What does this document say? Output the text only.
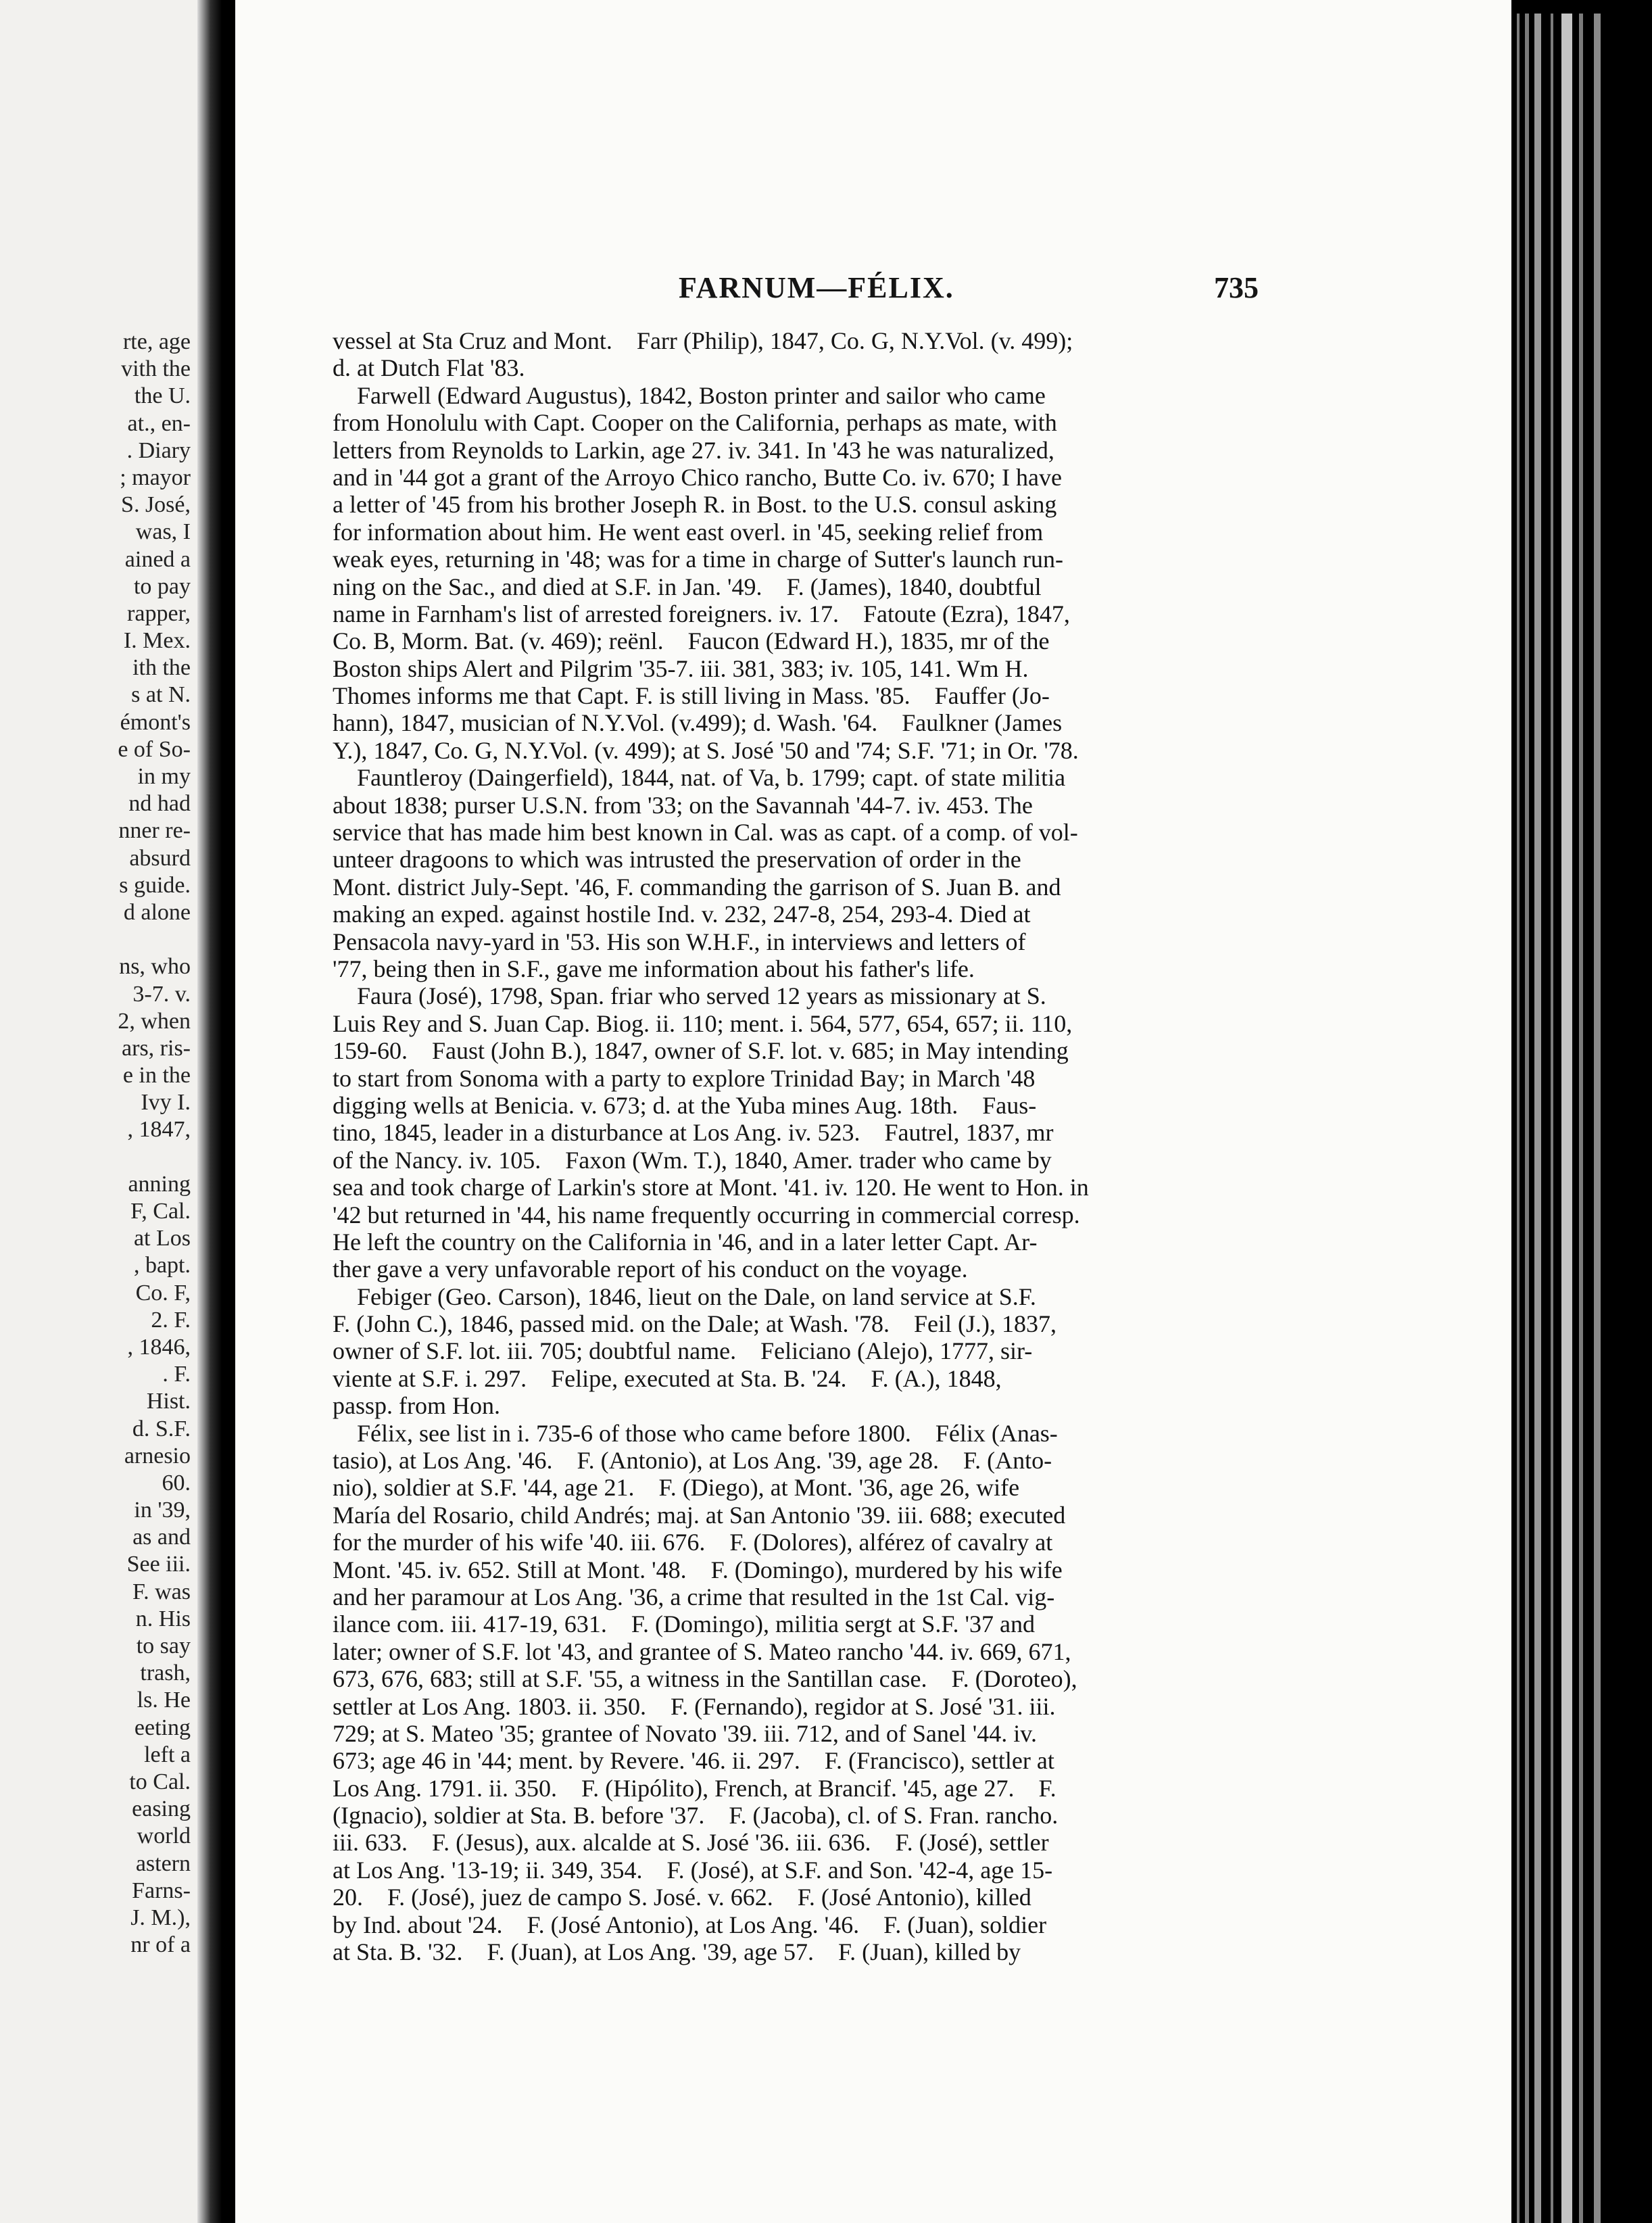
rte, age
vith the
the U.
at., en-
. Diary
; mayor
S. José,
was, I
ained a
to pay
rapper,
I. Mex.
ith the
s at N.
émont's
e of So-
in my
nd had
nner re-
absurd
s guide.
d alone
ns, who
3-7. v.
2, when
ars, ris-
e in the
Ivy I.
, 1847,
anning
F, Cal.
at Los
, bapt.
Co. F,
2. F.
, 1846,
. F.
Hist.
d. S.F.
arnesio
60.
in '39,
as and
See iii.
F. was
n. His
to say
trash,
ls. He
eeting
left a
to Cal.
easing
world
astern
Farns-
J. M.),
nr of a
FARNUM—FÉLIX.	735
vessel at Sta Cruz and Mont.    Farr (Philip), 1847, Co. G, N.Y.Vol. (v. 499);
d. at Dutch Flat '83.
Farwell (Edward Augustus), 1842, Boston printer and sailor who came
from Honolulu with Capt. Cooper on the California, perhaps as mate, with
letters from Reynolds to Larkin, age 27. iv. 341. In '43 he was naturalized,
and in '44 got a grant of the Arroyo Chico rancho, Butte Co. iv. 670; I have
a letter of '45 from his brother Joseph R. in Bost. to the U.S. consul asking
for information about him. He went east overl. in '45, seeking relief from
weak eyes, returning in '48; was for a time in charge of Sutter's launch run-
ning on the Sac., and died at S.F. in Jan. '49.    F. (James), 1840, doubtful
name in Farnham's list of arrested foreigners. iv. 17.    Fatoute (Ezra), 1847,
Co. B, Morm. Bat. (v. 469); reënl.    Faucon (Edward H.), 1835, mr of the
Boston ships Alert and Pilgrim '35-7. iii. 381, 383; iv. 105, 141. Wm H.
Thomes informs me that Capt. F. is still living in Mass. '85.    Fauffer (Jo-
hann), 1847, musician of N.Y.Vol. (v.499); d. Wash. '64.    Faulkner (James
Y.), 1847, Co. G, N.Y.Vol. (v. 499); at S. José '50 and '74; S.F. '71; in Or. '78.
Fauntleroy (Daingerfield), 1844, nat. of Va, b. 1799; capt. of state militia
about 1838; purser U.S.N. from '33; on the Savannah '44-7. iv. 453. The
service that has made him best known in Cal. was as capt. of a comp. of vol-
unteer dragoons to which was intrusted the preservation of order in the
Mont. district July-Sept. '46, F. commanding the garrison of S. Juan B. and
making an exped. against hostile Ind. v. 232, 247-8, 254, 293-4. Died at
Pensacola navy-yard in '53. His son W.H.F., in interviews and letters of
'77, being then in S.F., gave me information about his father's life.
Faura (José), 1798, Span. friar who served 12 years as missionary at S.
Luis Rey and S. Juan Cap. Biog. ii. 110; ment. i. 564, 577, 654, 657; ii. 110,
159-60.    Faust (John B.), 1847, owner of S.F. lot. v. 685; in May intending
to start from Sonoma with a party to explore Trinidad Bay; in March '48
digging wells at Benicia. v. 673; d. at the Yuba mines Aug. 18th.    Faus-
tino, 1845, leader in a disturbance at Los Ang. iv. 523.    Fautrel, 1837, mr
of the Nancy. iv. 105.    Faxon (Wm. T.), 1840, Amer. trader who came by
sea and took charge of Larkin's store at Mont. '41. iv. 120. He went to Hon. in
'42 but returned in '44, his name frequently occurring in commercial corresp.
He left the country on the California in '46, and in a later letter Capt. Ar-
ther gave a very unfavorable report of his conduct on the voyage.
Febiger (Geo. Carson), 1846, lieut on the Dale, on land service at S.F.
F. (John C.), 1846, passed mid. on the Dale; at Wash. '78.    Feil (J.), 1837,
owner of S.F. lot. iii. 705; doubtful name.    Feliciano (Alejo), 1777, sir-
viente at S.F. i. 297.    Felipe, executed at Sta. B. '24.    F. (A.), 1848,
passp. from Hon.
Félix, see list in i. 735-6 of those who came before 1800.    Félix (Anas-
tasio), at Los Ang. '46.    F. (Antonio), at Los Ang. '39, age 28.    F. (Anto-
nio), soldier at S.F. '44, age 21.    F. (Diego), at Mont. '36, age 26, wife
María del Rosario, child Andrés; maj. at San Antonio '39. iii. 688; executed
for the murder of his wife '40. iii. 676.    F. (Dolores), alférez of cavalry at
Mont. '45. iv. 652. Still at Mont. '48.    F. (Domingo), murdered by his wife
and her paramour at Los Ang. '36, a crime that resulted in the 1st Cal. vig-
ilance com. iii. 417-19, 631.    F. (Domingo), militia sergt at S.F. '37 and
later; owner of S.F. lot '43, and grantee of S. Mateo rancho '44. iv. 669, 671,
673, 676, 683; still at S.F. '55, a witness in the Santillan case.    F. (Doroteo),
settler at Los Ang. 1803. ii. 350.    F. (Fernando), regidor at S. José '31. iii.
729; at S. Mateo '35; grantee of Novato '39. iii. 712, and of Sanel '44. iv.
673; age 46 in '44; ment. by Revere. '46. ii. 297.    F. (Francisco), settler at
Los Ang. 1791. ii. 350.    F. (Hipólito), French, at Brancif. '45, age 27.    F.
(Ignacio), soldier at Sta. B. before '37.    F. (Jacoba), cl. of S. Fran. rancho.
iii. 633.    F. (Jesus), aux. alcalde at S. José '36. iii. 636.    F. (José), settler
at Los Ang. '13-19; ii. 349, 354.    F. (José), at S.F. and Son. '42-4, age 15-
20.    F. (José), juez de campo S. José. v. 662.    F. (José Antonio), killed
by Ind. about '24.    F. (José Antonio), at Los Ang. '46.    F. (Juan), soldier
at Sta. B. '32.    F. (Juan), at Los Ang. '39, age 57.    F. (Juan), killed by
